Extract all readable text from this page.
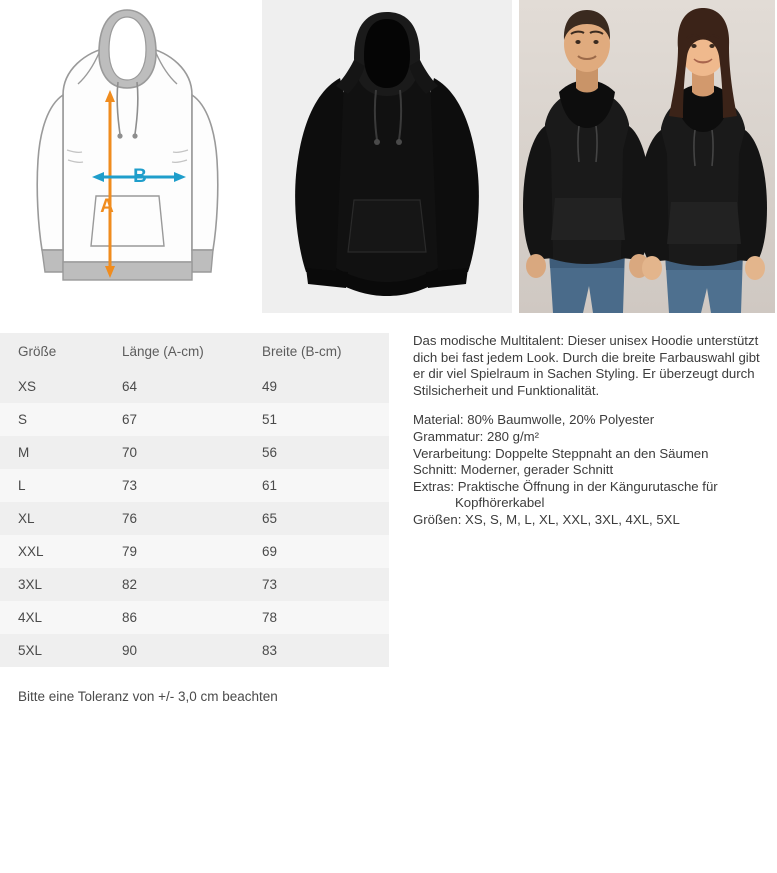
A
B
Größe	Länge (A-cm)	Breite (B-cm)
XS	64	49
S	67	51
M	70	56
L	73	61
XL	76	65
XXL	79	69
3XL	82	73
4XL	86	78
5XL	90	83
Bitte eine Toleranz von +/- 3,0 cm beachten

Das modische Multitalent: Dieser unisex Hoodie unterstützt dich bei fast jedem Look. Durch die breite Farbauswahl gibt er dir viel Spielraum in Sachen Styling. Er überzeugt durch Stilsicherheit und Funktionalität.

Material: 80% Baumwolle, 20% Polyester
Grammatur: 280 g/m²
Verarbeitung: Doppelte Steppnaht an den Säumen
Schnitt: Moderner, gerader Schnitt
Extras: Praktische Öffnung in der Kängurutasche für
Kopfhörerkabel
Größen: XS, S, M, L, XL, XXL, 3XL, 4XL, 5XL
